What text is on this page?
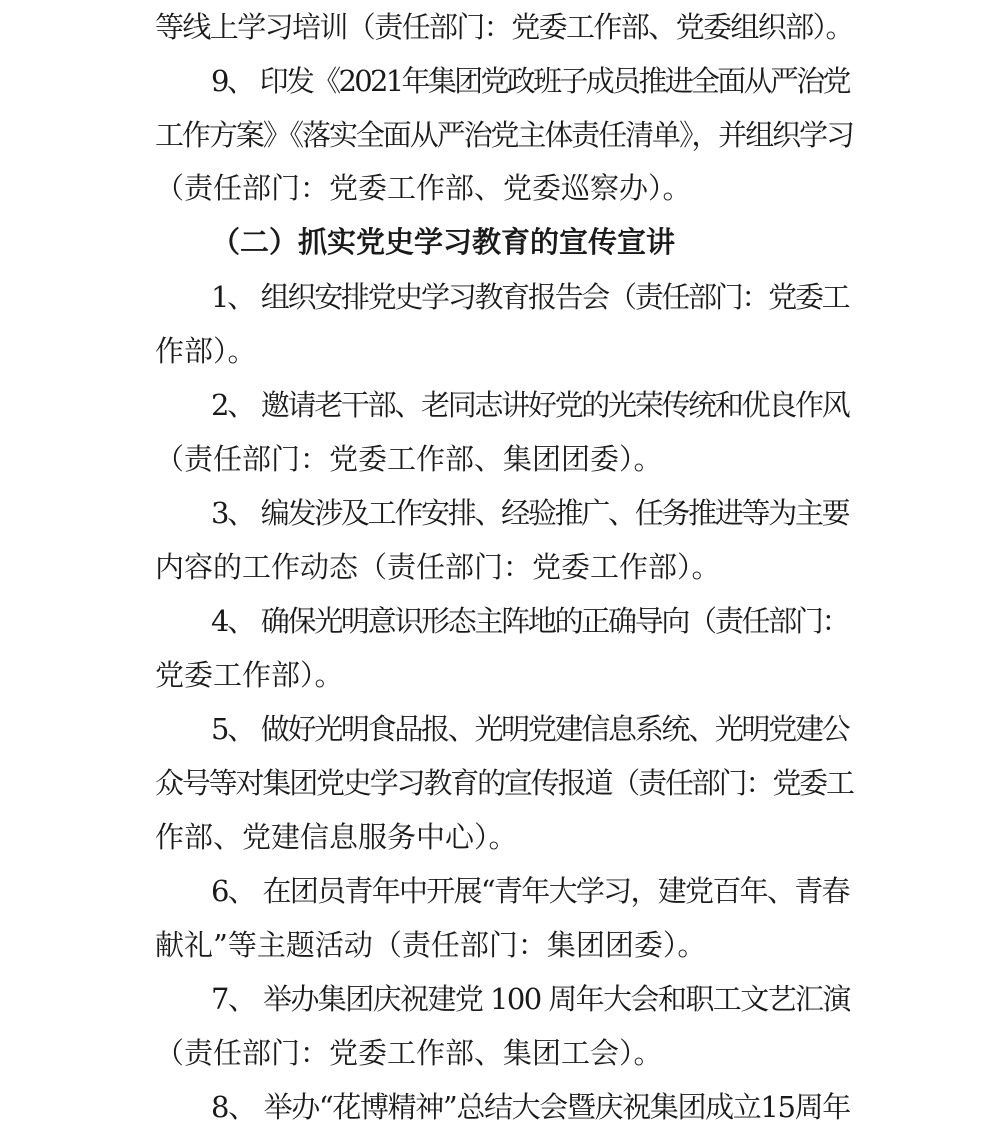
等线上学习培训（责任部门：党委工作部、党委组织部）。
9、 印发《2021年集团党政班子成员推进全面从严治党
工作方案》《落实全面从严治党主体责任清单》，并组织学习
（责任部门：党委工作部、党委巡察办）。
（二）抓实党史学习教育的宣传宣讲
1、 组织安排党史学习教育报告会（责任部门：党委工
作部）。
2、 邀请老干部、老同志讲好党的光荣传统和优良作风
（责任部门：党委工作部、集团团委）。
3、 编发涉及工作安排、经验推广、任务推进等为主要
内容的工作动态（责任部门：党委工作部）。
4、 确保光明意识形态主阵地的正确导向（责任部门：
党委工作部）。
5、 做好光明食品报、光明党建信息系统、光明党建公
众号等对集团党史学习教育的宣传报道（责任部门：党委工
作部、党建信息服务中心）。
6、 在团员青年中开展“青年大学习，建党百年、青春
献礼”等主题活动（责任部门：集团团委）。
7、 举办集团庆祝建党 100 周年大会和职工文艺汇演
（责任部门：党委工作部、集团工会）。
8、 举办“花博精神”总结大会暨庆祝集团成立15周年
